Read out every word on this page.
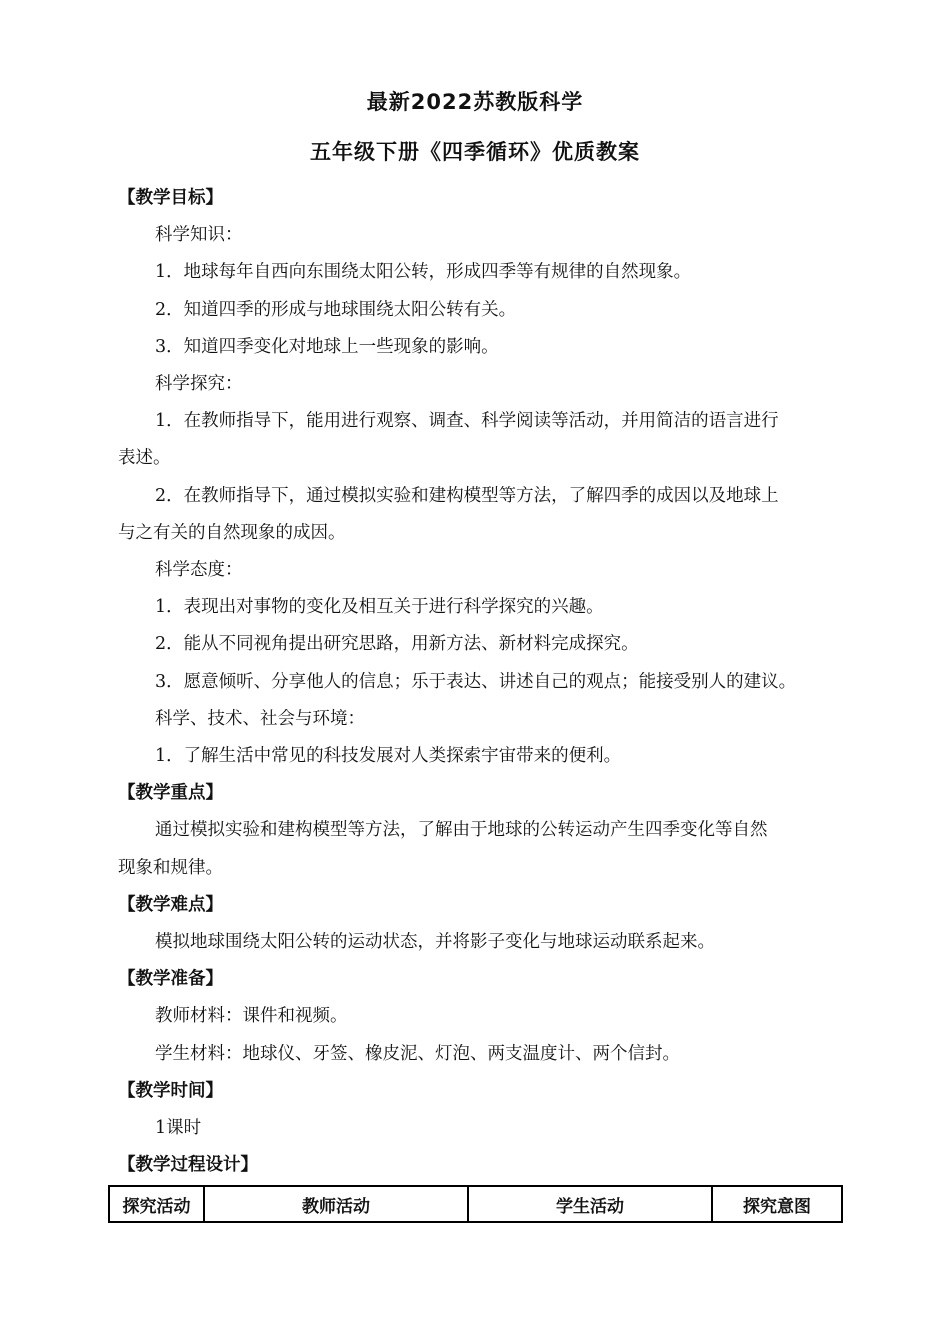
最新2022苏教版科学
五年级下册《四季循环》优质教案
【教学目标】
科学知识：
1．地球每年自西向东围绕太阳公转，形成四季等有规律的自然现象。
2．知道四季的形成与地球围绕太阳公转有关。
3．知道四季变化对地球上一些现象的影响。
科学探究：
1．在教师指导下，能用进行观察、调查、科学阅读等活动，并用简洁的语言进行
表述。
2．在教师指导下，通过模拟实验和建构模型等方法，了解四季的成因以及地球上
与之有关的自然现象的成因。
科学态度：
1．表现出对事物的变化及相互关于进行科学探究的兴趣。
2．能从不同视角提出研究思路，用新方法、新材料完成探究。
3．愿意倾听、分享他人的信息；乐于表达、讲述自己的观点；能接受别人的建议。
科学、技术、社会与环境：
1．了解生活中常见的科技发展对人类探索宇宙带来的便利。
【教学重点】
通过模拟实验和建构模型等方法，了解由于地球的公转运动产生四季变化等自然
现象和规律。
【教学难点】
模拟地球围绕太阳公转的运动状态，并将影子变化与地球运动联系起来。
【教学准备】
教师材料：课件和视频。
学生材料：地球仪、牙签、橡皮泥、灯泡、两支温度计、两个信封。
【教学时间】
1课时
【教学过程设计】
探究活动	教师活动	学生活动	探究意图
